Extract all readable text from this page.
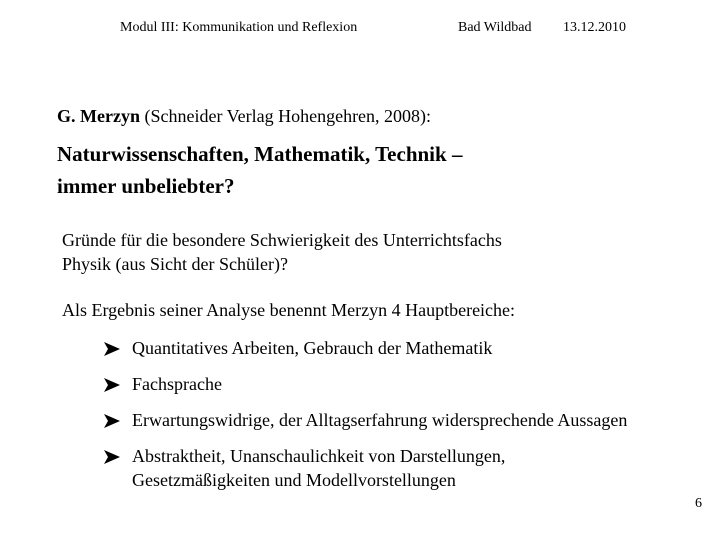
Modul III: Kommunikation und Reflexion	Bad Wildbad 13.12.2010
G. Merzyn (Schneider Verlag Hohengehren, 2008):
Naturwissenschaften, Mathematik, Technik –
immer unbeliebter?
Gründe für die besondere Schwierigkeit des Unterrichtsfachs
Physik (aus Sicht der Schüler)?
Als Ergebnis seiner Analyse benennt Merzyn 4 Hauptbereiche:
Quantitatives Arbeiten, Gebrauch der Mathematik
Fachsprache
Erwartungswidrige, der Alltagserfahrung widersprechende Aussagen
Abstraktheit, Unanschaulichkeit von Darstellungen,
Gesetzmäßigkeiten und Modellvorstellungen
6
